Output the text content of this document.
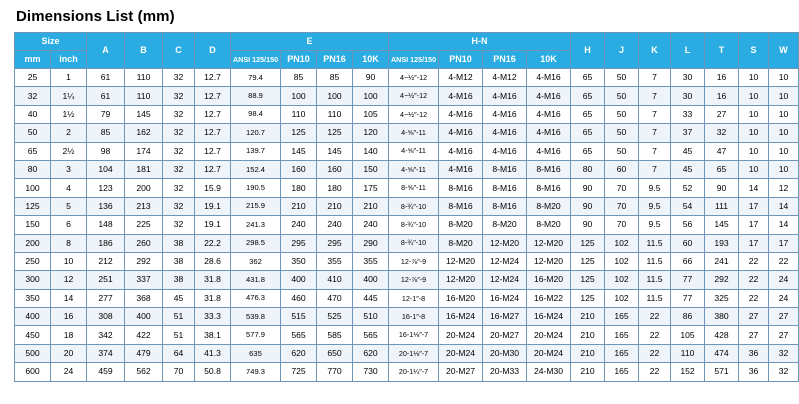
Dimensions List (mm)
Size		A	B	C	D	E				H-N				H	J	K	L	T	S	W
mm	inch					ANSI 125/150	PN10	PN16	10K	ANSI 125/150	PN10	PN16	10K							
25	1	61	110	32	12.7	79.4	85	85	90	4−½″-12	4-M12	4-M12	4-M16	65	50	7	30	16	10	10
32	1¼	61	110	32	12.7	88.9	100	100	100	4−½″-12	4-M16	4-M16	4-M16	65	50	7	30	16	10	10
40	1½	79	145	32	12.7	98.4	110	110	105	4−½″-12	4-M16	4-M16	4-M16	65	50	7	33	27	10	10
50	2	85	162	32	12.7	120.7	125	125	120	4-⅝″-11	4-M16	4-M16	4-M16	65	50	7	37	32	10	10
65	2½	98	174	32	12.7	139.7	145	145	140	4-⅝″-11	4-M16	4-M16	4-M16	65	50	7	45	47	10	10
80	3	104	181	32	12.7	152.4	160	160	150	4-⅝″-11	4-M16	8-M16	8-M16	80	60	7	45	65	10	10
100	4	123	200	32	15.9	190.5	180	180	175	8-⅝″-11	8-M16	8-M16	8-M16	90	70	9.5	52	90	14	12
125	5	136	213	32	19.1	215.9	210	210	210	8-¾″-10	8-M16	8-M16	8-M20	90	70	9.5	54	111	17	14
150	6	148	225	32	19.1	241.3	240	240	240	8-¾″-10	8-M20	8-M20	8-M20	90	70	9.5	56	145	17	14
200	8	186	260	38	22.2	298.5	295	295	290	8-¾″-10	8-M20	12-M20	12-M20	125	102	11.5	60	193	17	17
250	10	212	292	38	28.6	362	350	355	355	12-⅞″-9	12-M20	12-M24	12-M20	125	102	11.5	66	241	22	22
300	12	251	337	38	31.8	431.8	400	410	400	12-⅞″-9	12-M20	12-M24	16-M20	125	102	11.5	77	292	22	24
350	14	277	368	45	31.8	476.3	460	470	445	12-1″-8	16-M20	16-M24	16-M22	125	102	11.5	77	325	22	24
400	16	308	400	51	33.3	539.8	515	525	510	16-1″-8	16-M24	16-M27	16-M24	210	165	22	86	380	27	27
450	18	342	422	51	38.1	577.9	565	585	565	16-1⅛″-7	20-M24	20-M27	20-M24	210	165	22	105	428	27	27
500	20	374	479	64	41.3	635	620	650	620	20-1⅛″-7	20-M24	20-M30	20-M24	210	165	22	110	474	36	32
600	24	459	562	70	50.8	749.3	725	770	730	20-1¼″-7	20-M27	20-M33	24-M30	210	165	22	152	571	36	32
